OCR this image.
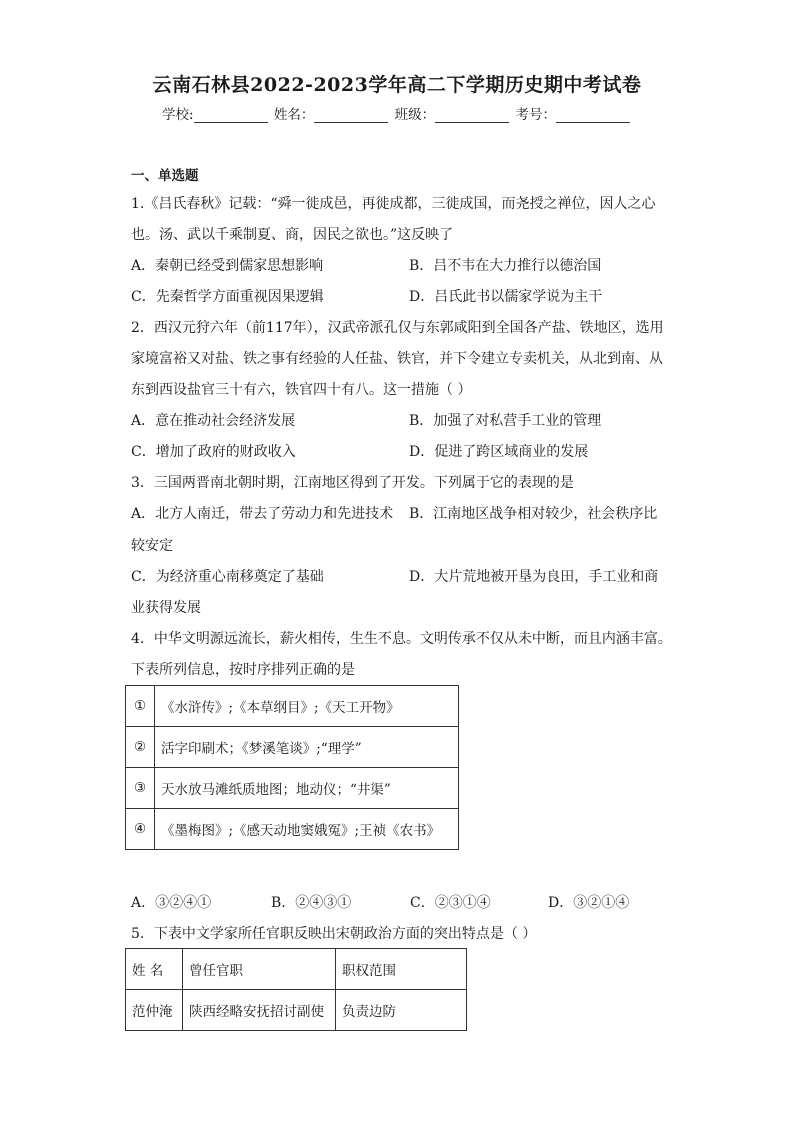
云南石林县2022-2023学年高二下学期历史期中考试卷
学校:	姓名：	班级：	考号：
一、单选题
1.《吕氏春秋》记载：“舜一徙成邑，再徙成都，三徙成国，而尧授之禅位，因人之心
也。汤、武以千乘制夏、商，因民之欲也。”这反映了
A．秦朝已经受到儒家思想影响	B．吕不韦在大力推行以德治国
C．先秦哲学方面重视因果逻辑	D．吕氏此书以儒家学说为主干
2．西汉元狩六年（前117年），汉武帝派孔仅与东郭咸阳到全国各产盐、铁地区，选用
家境富裕又对盐、铁之事有经验的人任盐、铁官，并下令建立专卖机关，从北到南、从
东到西设盐官三十有六，铁官四十有八。这一措施（ ）
A．意在推动社会经济发展	B．加强了对私营手工业的管理
C．增加了政府的财政收入	D．促进了跨区域商业的发展
3．三国两晋南北朝时期，江南地区得到了开发。下列属于它的表现的是
A．北方人南迁，带去了劳动力和先进技术 B．江南地区战争相对较少，社会秩序比
较安定
C．为经济重心南移奠定了基础	D．大片荒地被开垦为良田，手工业和商
业获得发展
4．中华文明源远流长，薪火相传，生生不息。文明传承不仅从未中断，而且内涵丰富。
下表所列信息，按时序排列正确的是
①	《水浒传》;《本草纲目》;《天工开物》
②	活字印刷术；《梦溪笔谈》;“理学”
③	天水放马滩纸质地图；地动仪；“井渠”
④	《墨梅图》;《感天动地窦娥冤》;王祯《农书》
A．③②④①	B．②④③①	C．②③①④	D．③②①④
5．下表中文学家所任官职反映出宋朝政治方面的突出特点是（ ）
姓 名	曾任官职	职权范围
范仲淹	陕西经略安抚招讨副使	负责边防
